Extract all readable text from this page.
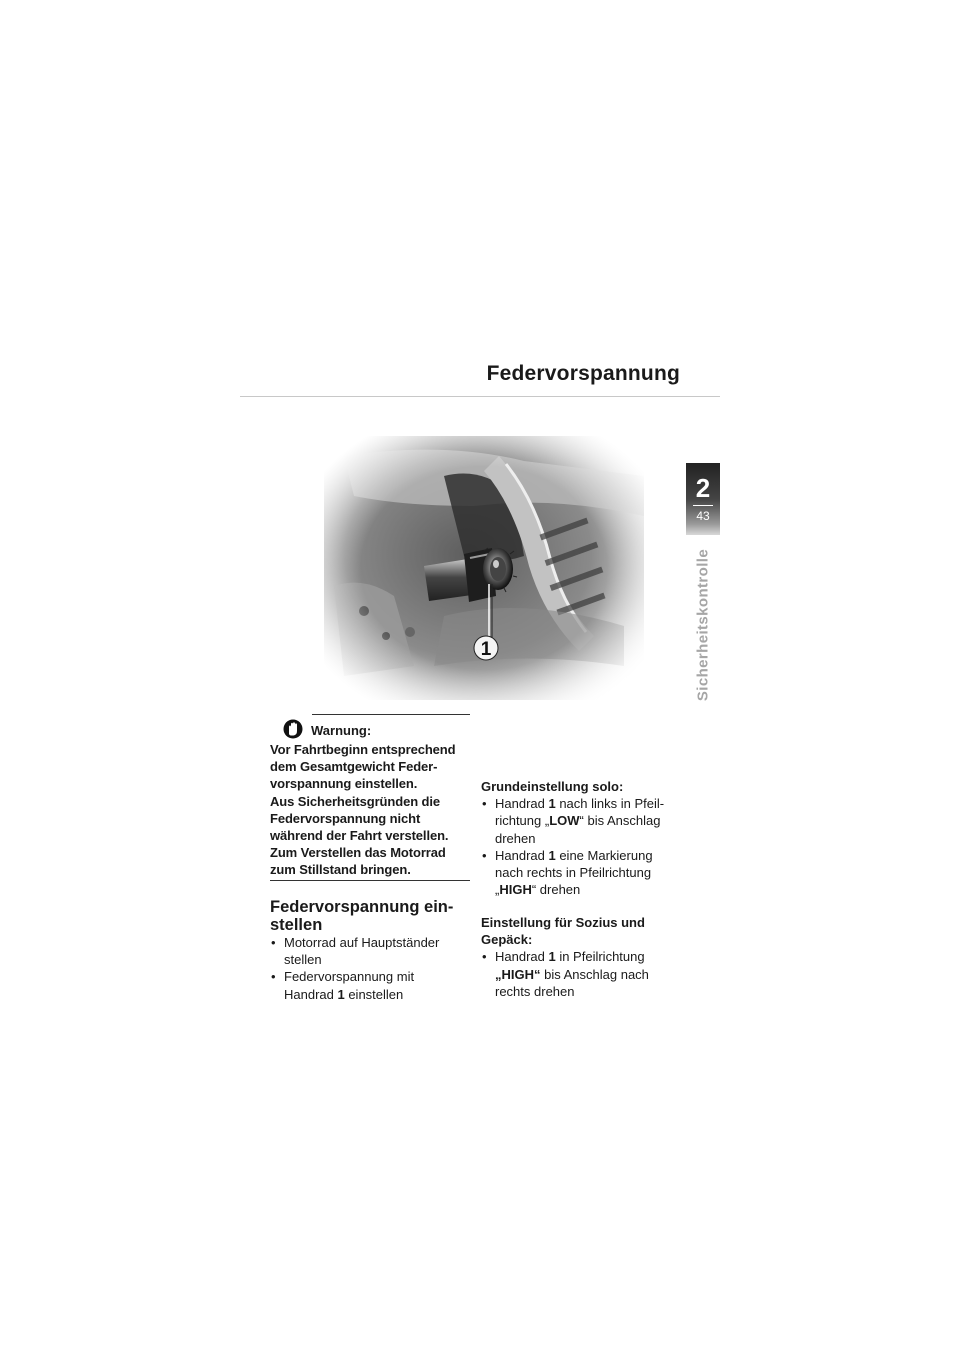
Federvorspannung
2
43
Sicherheitskontrolle
1
Warnung:
Vor Fahrtbeginn entsprechend
dem Gesamtgewicht Feder-
vorspannung einstellen.
Aus Sicherheitsgründen die
Federvorspannung nicht
während der Fahrt verstellen.
Zum Verstellen das Motorrad
zum Stillstand bringen.
Federvorspannung ein-
stellen
• Motorrad auf Hauptständer
stellen
• Federvorspannung mit
Handrad 1 einstellen
Grundeinstellung solo:
• Handrad 1 nach links in Pfeil-
richtung „LOW“ bis Anschlag
drehen
• Handrad 1 eine Markierung
nach rechts in Pfeilrichtung
„HIGH“ drehen
Einstellung für Sozius und
Gepäck:
• Handrad 1 in Pfeilrichtung
„HIGH“ bis Anschlag nach
rechts drehen
